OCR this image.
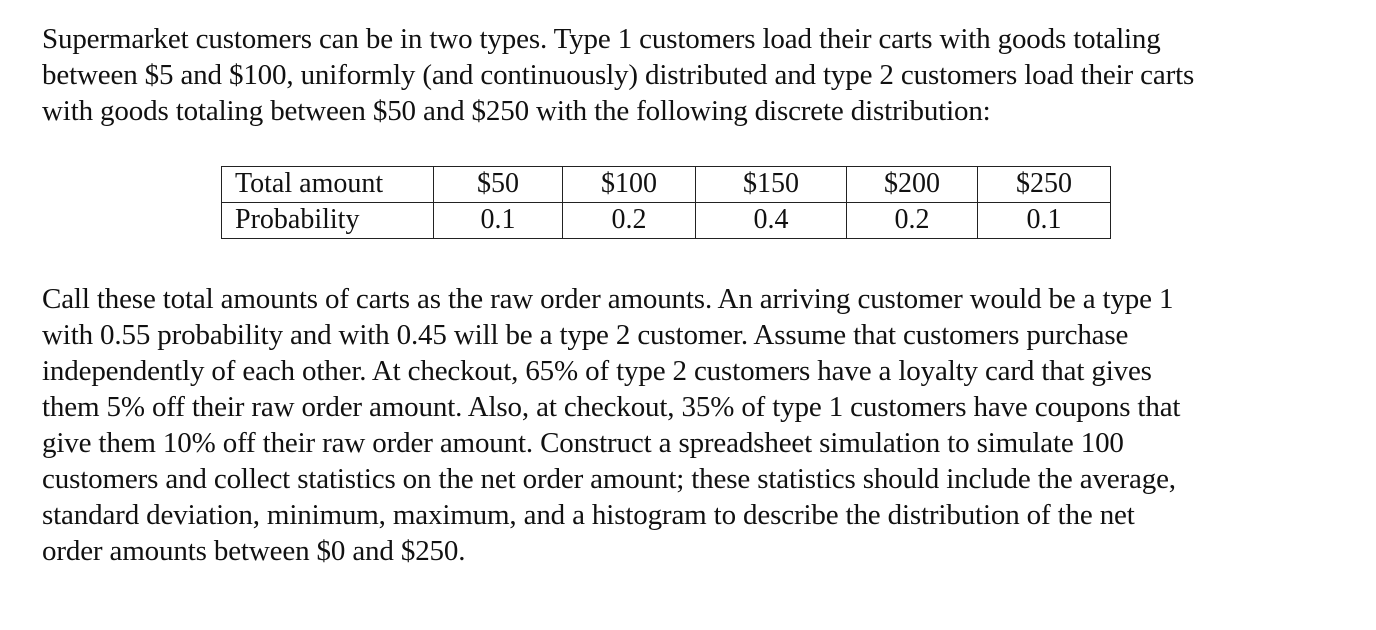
Supermarket customers can be in two types. Type 1 customers load their carts with goods totaling
between $5 and $100, uniformly (and continuously) distributed and type 2 customers load their carts
with goods totaling between $50 and $250 with the following discrete distribution:

Total amount	$50	$100	$150	$200	$250
Probability	0.1	0.2	0.4	0.2	0.1

Call these total amounts of carts as the raw order amounts. An arriving customer would be a type 1
with 0.55 probability and with 0.45 will be a type 2 customer. Assume that customers purchase
independently of each other. At checkout, 65% of type 2 customers have a loyalty card that gives
them 5% off their raw order amount. Also, at checkout, 35% of type 1 customers have coupons that
give them 10% off their raw order amount. Construct a spreadsheet simulation to simulate 100
customers and collect statistics on the net order amount; these statistics should include the average,
standard deviation, minimum, maximum, and a histogram to describe the distribution of the net
order amounts between $0 and $250.
